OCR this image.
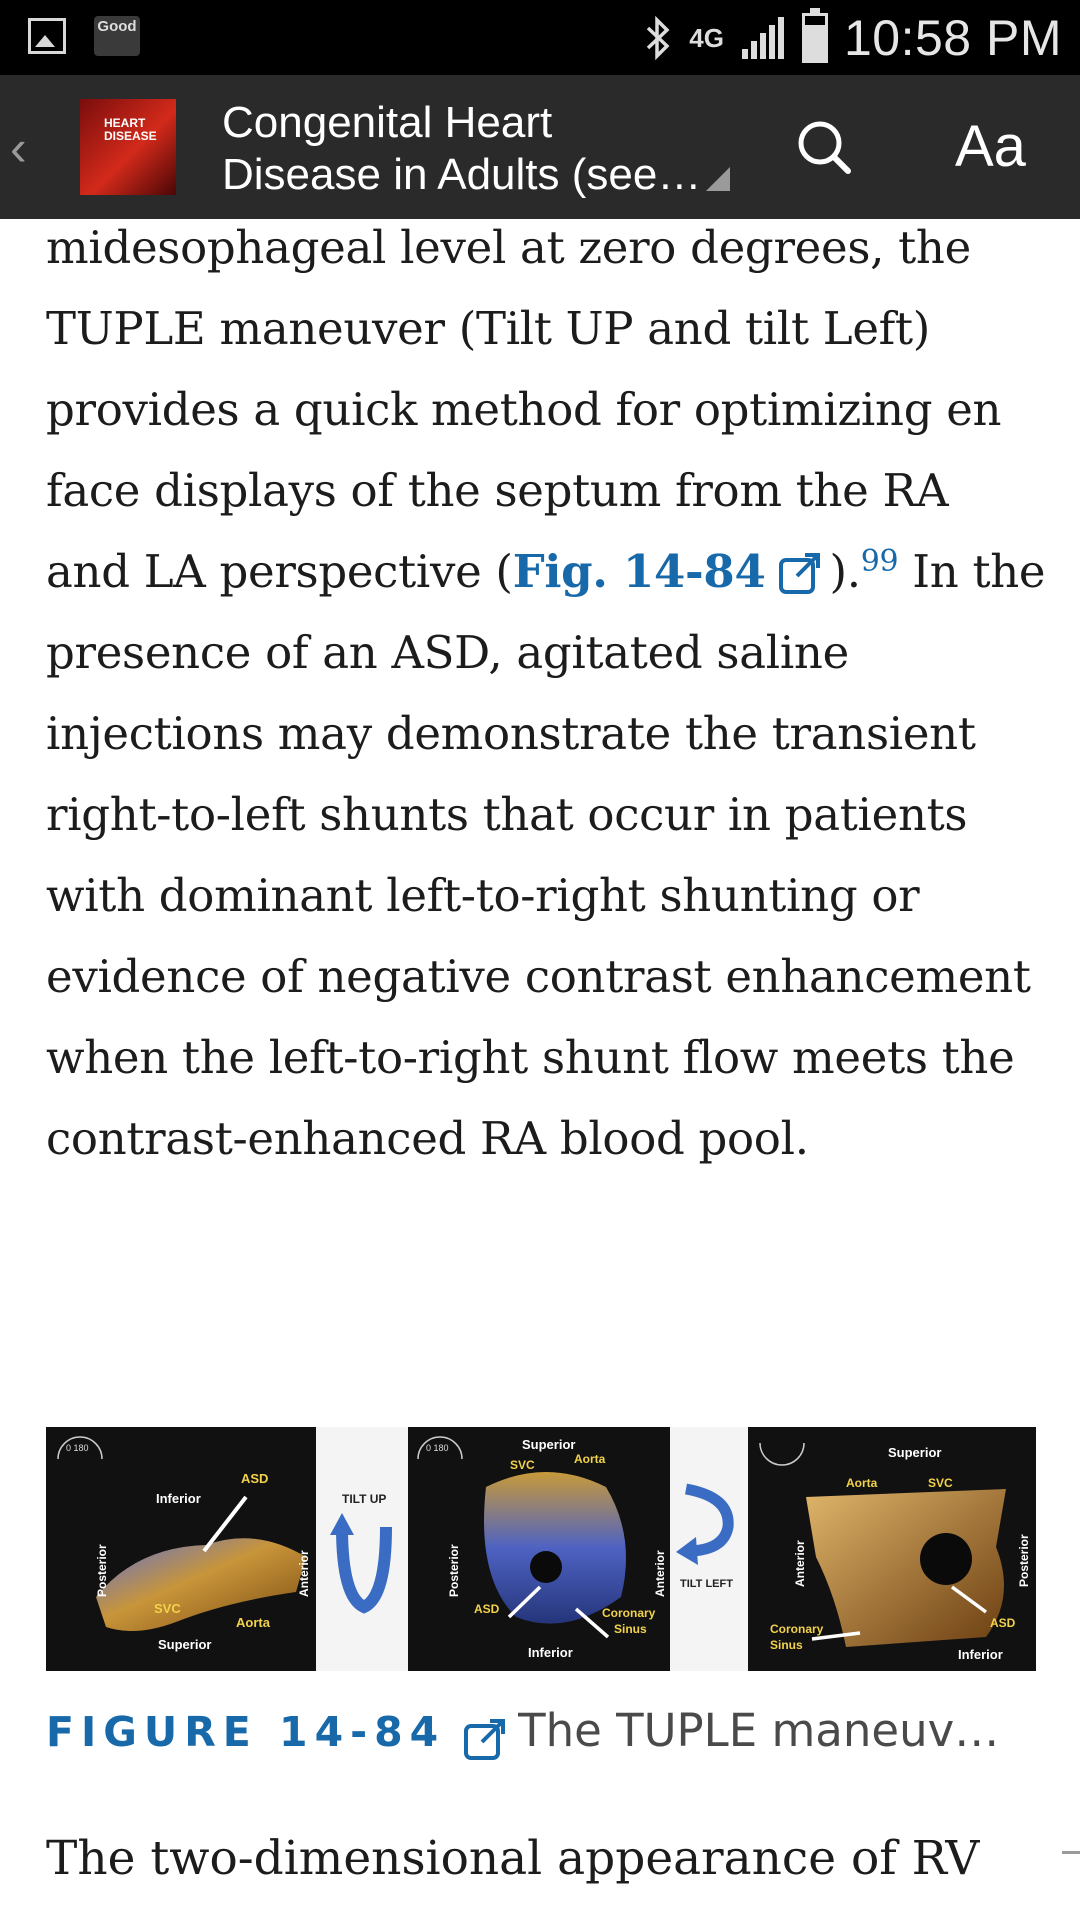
Good	4G 10:58 PM
‹	HEART DISEASE	Congenital Heart
Disease in Adults (see…	Aa

midesophageal level at zero degrees, the TUPLE maneuver (Tilt UP and tilt Left) provides a quick method for optimizing en face displays of the septum from the RA and LA perspective (Fig. 14-84 ).$^{99}$ In the presence of an ASD, agitated saline injections may demonstrate the transient right-to-left shunts that occur in patients with dominant left-to-right shunting or evidence of negative contrast enhancement when the left-to-right shunt flow meets the contrast-enhanced RA blood pool.

0 180
ASD
Inferior
SVC
Aorta
Superior
Posterior	Anterior
TILT UP
0 180	Superior
SVC	Aorta
ASD	Coronary
Sinus
Inferior
Posterior	Anterior TILT LEFT
Superior
Aorta	SVC
Coronary
Sinus
ASD
Inferior
Anterior	Posterior
FIGURE 14-84 The TUPLE maneuv…
The two-dimensional appearance of RV
